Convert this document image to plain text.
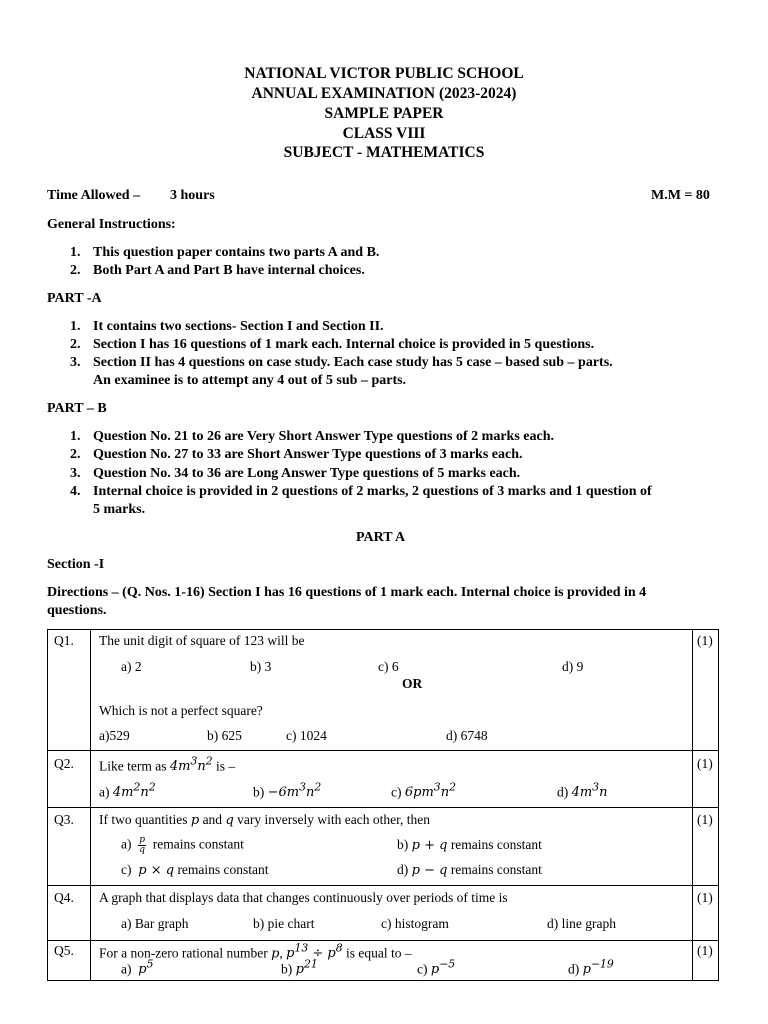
NATIONAL VICTOR PUBLIC SCHOOL
ANNUAL EXAMINATION (2023-2024)
SAMPLE PAPER
CLASS VIII
SUBJECT - MATHEMATICS
Time Allowed – 3 hours	M.M = 80
General Instructions:
1. This question paper contains two parts A and B.
2. Both Part A and Part B have internal choices.
PART -A
1. It contains two sections- Section I and Section II.
2. Section I has 16 questions of 1 mark each. Internal choice is provided in 5 questions.
3. Section II has 4 questions on case study. Each case study has 5 case – based sub – parts.
An examinee is to attempt any 4 out of 5 sub – parts.
PART – B
1. Question No. 21 to 26 are Very Short Answer Type questions of 2 marks each.
2. Question No. 27 to 33 are Short Answer Type questions of 3 marks each.
3. Question No. 34 to 36 are Long Answer Type questions of 5 marks each.
4. Internal choice is provided in 2 questions of 2 marks, 2 questions of 3 marks and 1 question of
5 marks.
PART A
Section -I
Directions – (Q. Nos. 1-16) Section I has 16 questions of 1 mark each. Internal choice is provided in 4
questions.
Q1. The unit digit of square of 123 will be	(1)
a) 2	b) 3	c) 6	d) 9
OR
Which is not a perfect square?
a)529	b) 625	c) 1024	d) 6748
Q2. Like term as $4m^3n^2$ is –	(1)
a) $4m^2n^2$	$b) -6m^3n^2$	c) $6pm^3n^2$	d) $4m^3n$
Q3. If two quantities p and q vary inversely with each other, then	(1)
$a) \frac{p}{q}$ remains constant	b) p + q remains constant
c) p × q remains constant	d) p − q remains constant
Q4. A graph that displays data that changes continuously over periods of time is	(1)
a) Bar graph	b) pie chart	c) histogram	d) line graph
Q5. For a non-zero rational number p, $p^{13} \div p^8$ is equal to –	(1)
a) $p^5$	b) $p^{21}$	c) $p^{-5}$	d) $p^{-19}$
